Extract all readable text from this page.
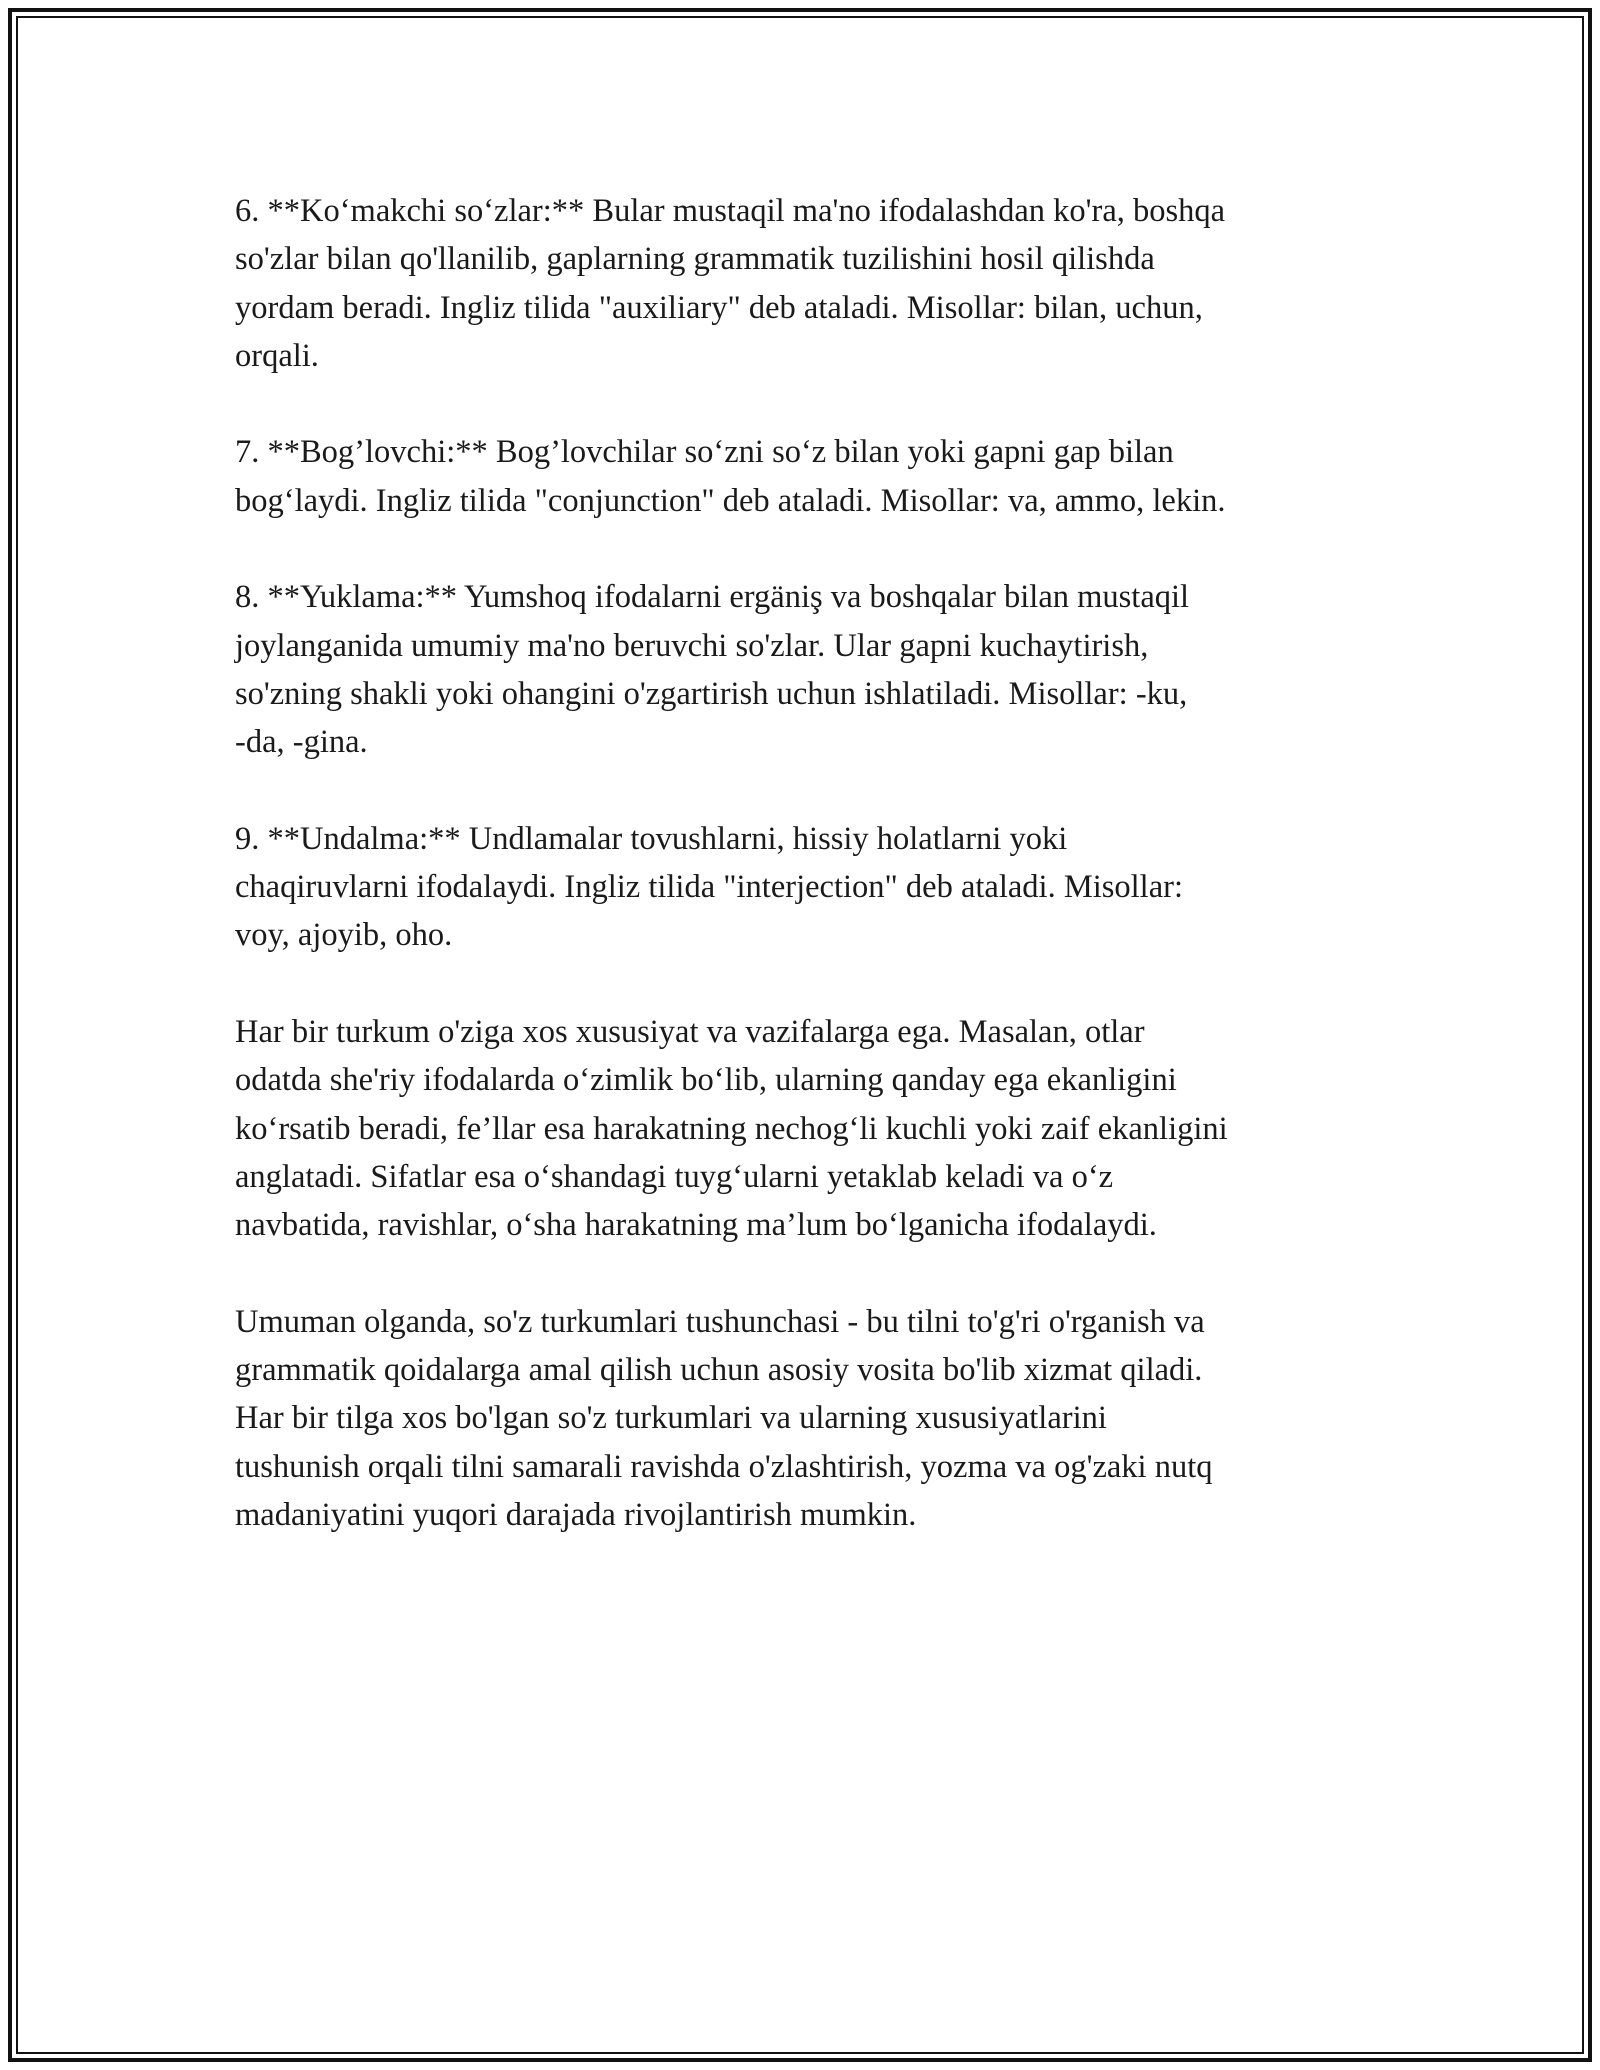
6. **Ko‘makchi so‘zlar:** Bular mustaqil ma'no ifodalashdan ko'ra, boshqa
so'zlar bilan qo'llanilib, gaplarning grammatik tuzilishini hosil qilishda
yordam beradi. Ingliz tilida "auxiliary" deb ataladi. Misollar: bilan, uchun,
orqali.

7. **Bog’lovchi:** Bog’lovchilar so‘zni so‘z bilan yoki gapni gap bilan
bog‘laydi. Ingliz tilida "conjunction" deb ataladi. Misollar: va, ammo, lekin.

8. **Yuklama:** Yumshoq ifodalarni ergäniş va boshqalar bilan mustaqil
joylanganida umumiy ma'no beruvchi so'zlar. Ular gapni kuchaytirish,
so'zning shakli yoki ohangini o'zgartirish uchun ishlatiladi. Misollar: -ku,
-da, -gina.

9. **Undalma:** Undlamalar tovushlarni, hissiy holatlarni yoki
chaqiruvlarni ifodalaydi. Ingliz tilida "interjection" deb ataladi. Misollar:
voy, ajoyib, oho.

Har bir turkum o'ziga xos xususiyat va vazifalarga ega. Masalan, otlar
odatda she'riy ifodalarda o‘zimlik bo‘lib, ularning qanday ega ekanligini
ko‘rsatib beradi, fe’llar esa harakatning nechog‘li kuchli yoki zaif ekanligini
anglatadi. Sifatlar esa o‘shandagi tuyg‘ularni yetaklab keladi va o‘z
navbatida, ravishlar, o‘sha harakatning ma’lum bo‘lganicha ifodalaydi.

Umuman olganda, so'z turkumlari tushunchasi - bu tilni to'g'ri o'rganish va
grammatik qoidalarga amal qilish uchun asosiy vosita bo'lib xizmat qiladi.
Har bir tilga xos bo'lgan so'z turkumlari va ularning xususiyatlarini
tushunish orqali tilni samarali ravishda o'zlashtirish, yozma va og'zaki nutq
madaniyatini yuqori darajada rivojlantirish mumkin.
